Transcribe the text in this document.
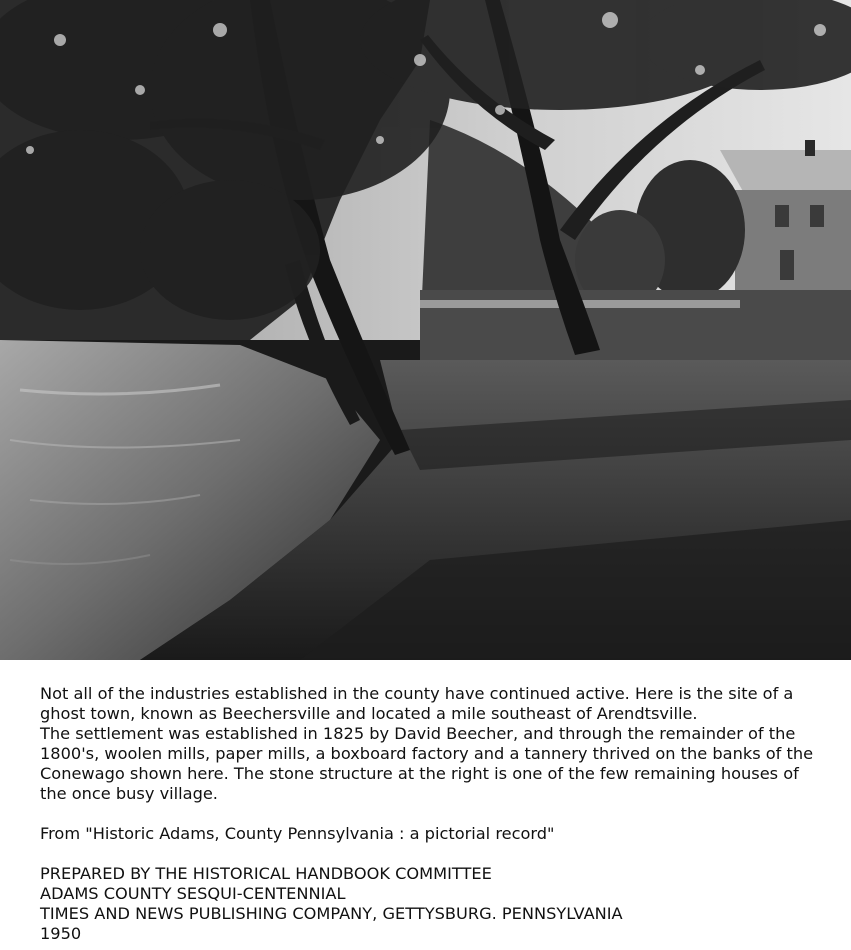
Not all of the industries established in the county have continued active. Here is the site of a ghost town, known as Beechersville and located a mile southeast of Arendtsville.

The settlement was established in 1825 by David Beecher, and through the remainder of the 1800's, woolen mills, paper mills, a boxboard factory and a tannery thrived on the banks of the Conewago shown here. The stone structure at the right is one of the few remaining houses of the once busy village.

From "Historic Adams, County Pennsylvania : a pictorial record"

PREPARED BY THE HISTORICAL HANDBOOK COMMITTEE

ADAMS COUNTY SESQUI-CENTENNIAL

TIMES AND NEWS PUBLISHING COMPANY, GETTYSBURG. PENNSYLVANIA

1950
